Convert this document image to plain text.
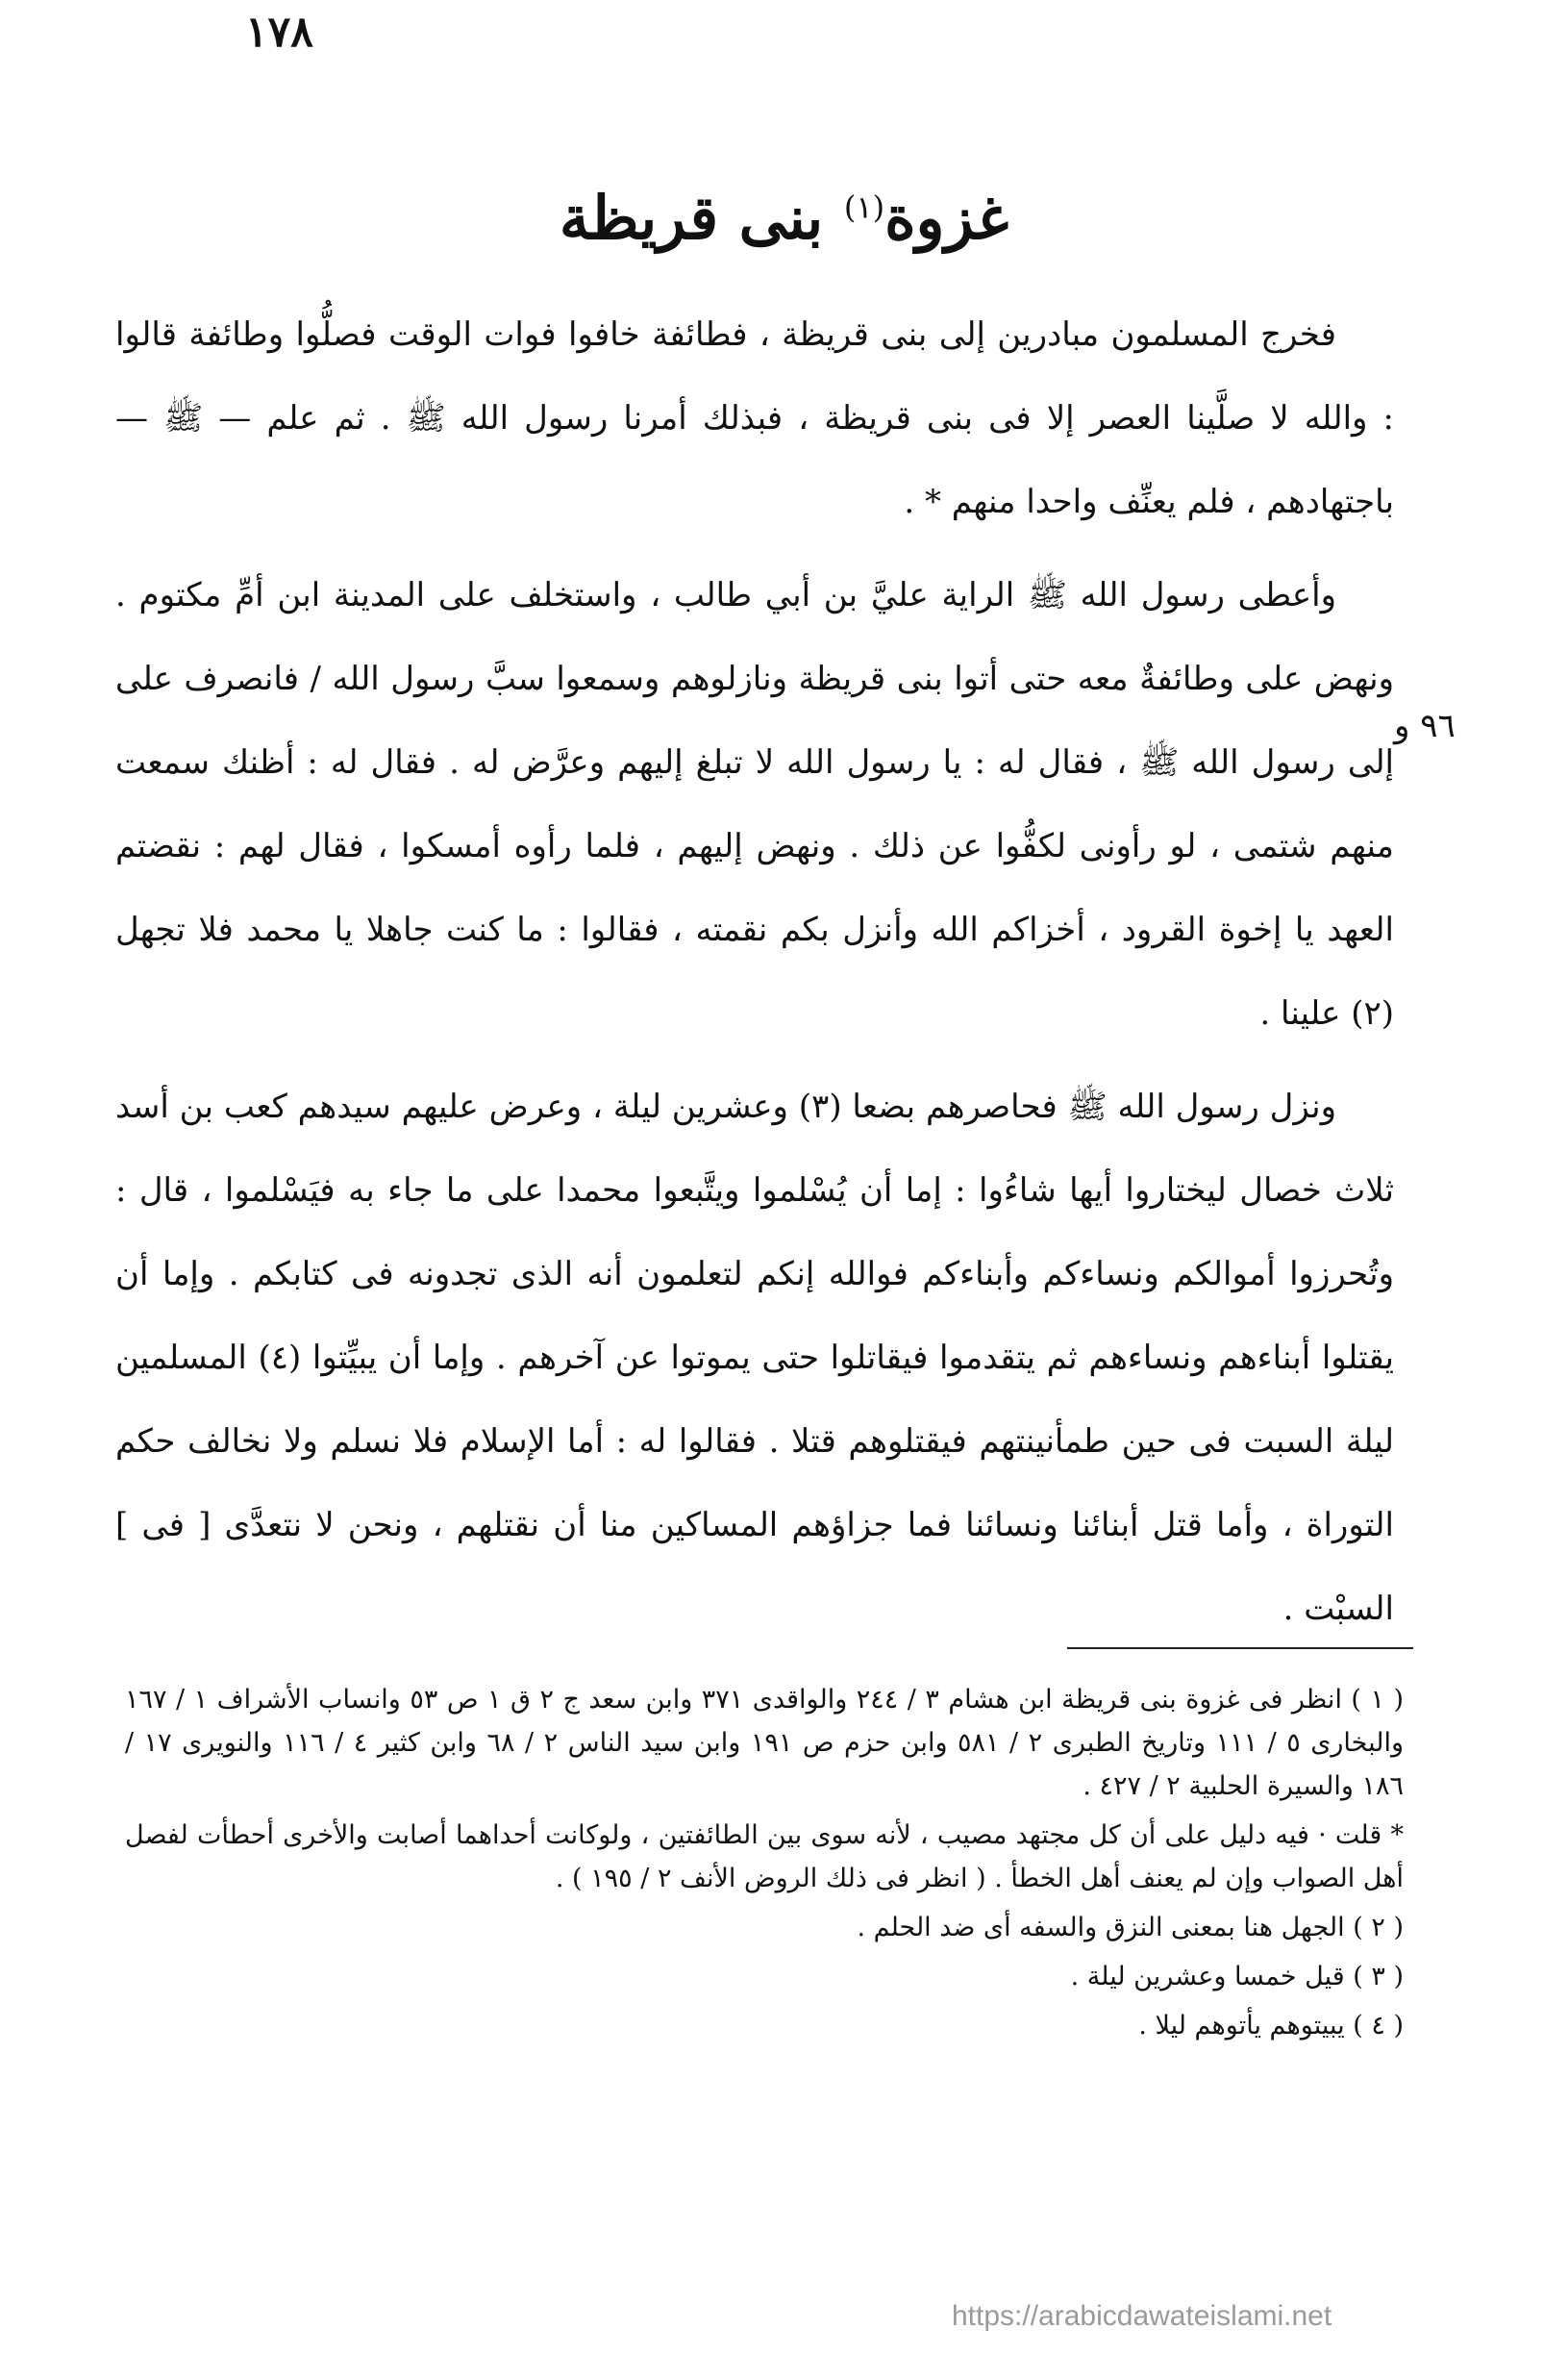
١٧٨
غزوة$^{(١)}$ بنى قريظة
٩٦ و

فخرج المسلمون مبادرين إلى بنى قريظة ، فطائفة خافوا فوات الوقت فصلُّوا وطائفة قالوا : والله لا صلَّينا العصر إلا فى بنى قريظة ، فبذلك أمرنا رسول الله ﷺ . ثم علم — ﷺ — باجتهادهم ، فلم يعنِّف واحدا منهم * .

وأعطى رسول الله ﷺ الراية عليَّ بن أبي طالب ، واستخلف على المدينة ابن أمِّ مكتوم . ونهض على وطائفةٌ معه حتى أتوا بنى قريظة ونازلوهم وسمعوا سبَّ رسول الله / فانصرف على إلى رسول الله ﷺ ، فقال له : يا رسول الله لا تبلغ إليهم وعرَّض له . فقال له : أظنك سمعت منهم شتمى ، لو رأونى لكفُّوا عن ذلك . ونهض إليهم ، فلما رأوه أمسكوا ، فقال لهم : نقضتم العهد يا إخوة القرود ، أخزاكم الله وأنزل بكم نقمته ، فقالوا : ما كنت جاهلا يا محمد فلا تجهل (٢) علينا .

ونزل رسول الله ﷺ فحاصرهم بضعا (٣) وعشرين ليلة ، وعرض عليهم سيدهم كعب بن أسد ثلاث خصال ليختاروا أيها شاءُوا : إما أن يُسْلموا ويتَّبعوا محمدا على ما جاء به فيَسْلموا ، قال : وتُحرزوا أموالكم ونساءكم وأبناءكم فوالله إنكم لتعلمون أنه الذى تجدونه فى كتابكم . وإما أن يقتلوا أبناءهم ونساءهم ثم يتقدموا فيقاتلوا حتى يموتوا عن آخرهم . وإما أن يبيِّتوا (٤) المسلمين ليلة السبت فى حين طمأنينتهم فيقتلوهم قتلا . فقالوا له : أما الإسلام فلا نسلم ولا نخالف حكم التوراة ، وأما قتل أبنائنا ونسائنا فما جزاؤهم المساكين منا أن نقتلهم ، ونحن لا نتعدَّى [ فى ] السبْت .

( ١ ) انظر فى غزوة بنى قريظة ابن هشام ٣ / ٢٤٤ والواقدى ٣٧١ وابن سعد ج ٢ ق ١ ص ٥٣ وانساب الأشراف ١ / ١٦٧ والبخارى ٥ / ١١١ وتاريخ الطبرى ٢ / ٥٨١ وابن حزم ص ١٩١ وابن سيد الناس ٢ / ٦٨ وابن كثير ٤ / ١١٦ والنويرى ١٧ / ١٨٦ والسيرة الحلبية ٢ / ٤٢٧ .

* قلت · فيه دليل على أن كل مجتهد مصيب ، لأنه سوى بين الطائفتين ، ولوكانت أحداهما أصابت والأخرى أحطأت لفصل أهل الصواب وإن لم يعنف أهل الخطأ . ( انظر فى ذلك الروض الأنف ٢ / ١٩٥ ) .

( ٢ ) الجهل هنا بمعنى النزق والسفه أى ضد الحلم .

( ٣ ) قيل خمسا وعشرين ليلة .

( ٤ ) يبيتوهم يأتوهم ليلا .

https://arabicdawateislami.net
